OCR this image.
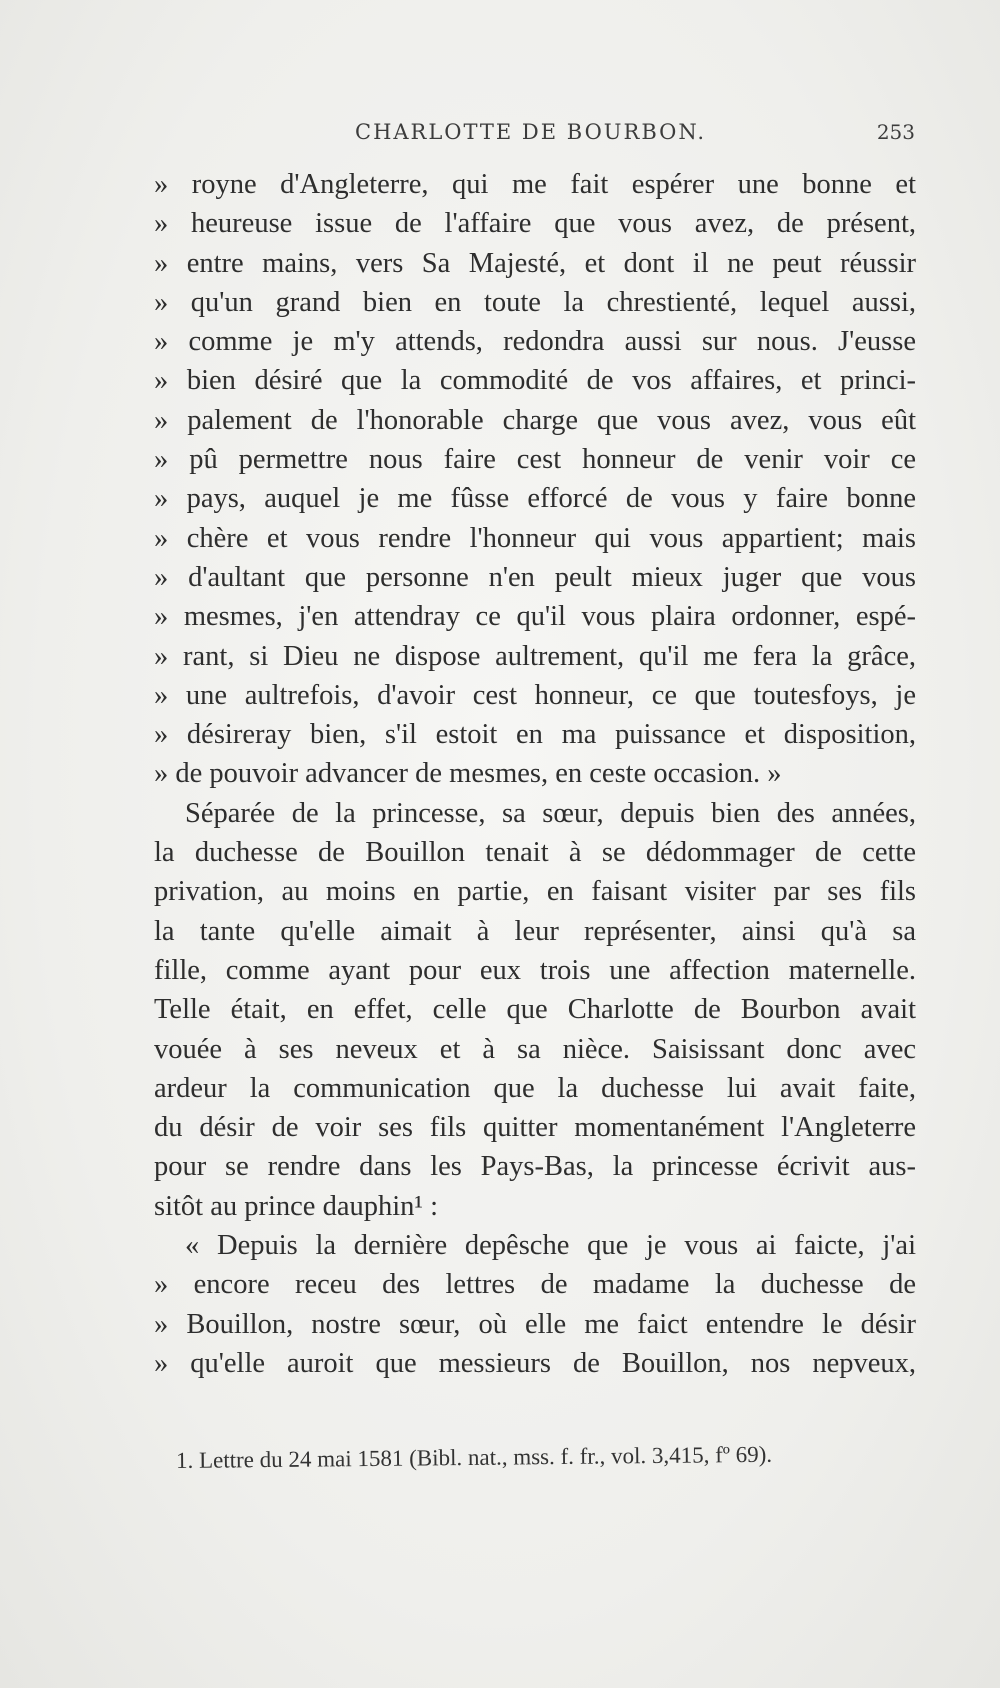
CHARLOTTE DE BOURBON.	253
» royne d'Angleterre, qui me fait espérer une bonne et
» heureuse issue de l'affaire que vous avez, de présent,
» entre mains, vers Sa Majesté, et dont il ne peut réussir
» qu'un grand bien en toute la chrestienté, lequel aussi,
» comme je m'y attends, redondra aussi sur nous. J'eusse
» bien désiré que la commodité de vos affaires, et princi-
» palement de l'honorable charge que vous avez, vous eût
» pû permettre nous faire cest honneur de venir voir ce
» pays, auquel je me fûsse efforcé de vous y faire bonne
» chère et vous rendre l'honneur qui vous appartient; mais
» d'aultant que personne n'en peult mieux juger que vous
» mesmes, j'en attendray ce qu'il vous plaira ordonner, espé-
» rant, si Dieu ne dispose aultrement, qu'il me fera la grâce,
» une aultrefois, d'avoir cest honneur, ce que toutesfoys, je
» désireray bien, s'il estoit en ma puissance et disposition,
» de pouvoir advancer de mesmes, en ceste occasion. »
Séparée de la princesse, sa sœur, depuis bien des années,
la duchesse de Bouillon tenait à se dédommager de cette
privation, au moins en partie, en faisant visiter par ses fils
la tante qu'elle aimait à leur représenter, ainsi qu'à sa
fille, comme ayant pour eux trois une affection maternelle.
Telle était, en effet, celle que Charlotte de Bourbon avait
vouée à ses neveux et à sa nièce. Saisissant donc avec
ardeur la communication que la duchesse lui avait faite,
du désir de voir ses fils quitter momentanément l'Angleterre
pour se rendre dans les Pays-Bas, la princesse écrivit aus-
sitôt au prince dauphin¹ :
« Depuis la dernière depêsche que je vous ai faicte, j'ai
» encore receu des lettres de madame la duchesse de
» Bouillon, nostre sœur, où elle me faict entendre le désir
» qu'elle auroit que messieurs de Bouillon, nos nepveux,
1. Lettre du 24 mai 1581 (Bibl. nat., mss. f. fr., vol. 3,415, fº 69).
